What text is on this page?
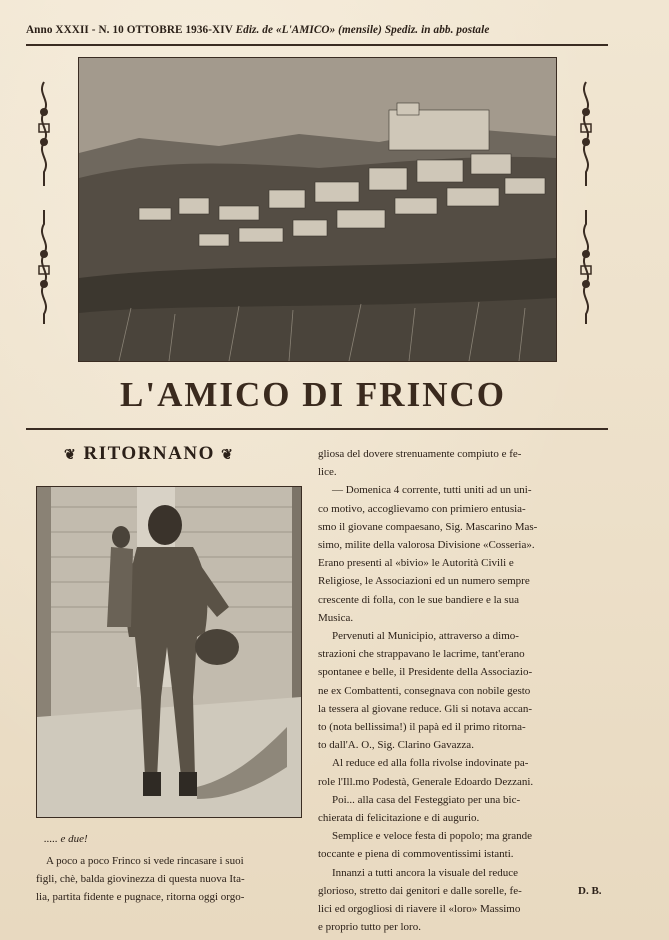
Anno XXXII - N. 10 OTTOBRE 1936-XIV Ediz. de «L'AMICO» (mensile) Spediz. in abb. postale
L'AMICO DI FRINCO
❦ RITORNANO ❦
..... e due!
A poco a poco Frinco si vede rincasare i suoi
figli, chè, balda giovinezza di questa nuova Ita-
lia, partita fidente e pugnace, ritorna oggi orgo-
gliosa del dovere strenuamente compiuto e fe-
lice.
— Domenica 4 corrente, tutti uniti ad un uni-
co motivo, accoglievamo con primiero entusia-
smo il giovane compaesano, Sig. Mascarino Mas-
simo, milite della valorosa Divisione «Cosseria».
Erano presenti al «bivio» le Autorità Civili e
Religiose, le Associazioni ed un numero sempre
crescente di folla, con le sue bandiere e la sua
Musica.
Pervenuti al Municipio, attraverso a dimo-
strazioni che strappavano le lacrime, tant'erano
spontanee e belle, il Presidente della Associazio-
ne ex Combattenti, consegnava con nobile gesto
la tessera al giovane reduce. Gli si notava accan-
to (nota bellissima!) il papà ed il primo ritorna-
to dall'A. O., Sig. Clarino Gavazza.
Al reduce ed alla folla rivolse indovinate pa-
role l'Ill.mo Podestà, Generale Edoardo Dezzani.
Poi... alla casa del Festeggiato per una bic-
chierata di felicitazione e di augurio.
Semplice e veloce festa di popolo; ma grande
toccante e piena di commoventissimi istanti.
Innanzi a tutti ancora la visuale del reduce
glorioso, stretto dai genitori e dalle sorelle, fe-
lici ed orgogliosi di riavere il «loro» Massimo
e proprio tutto per loro.
D. B.
